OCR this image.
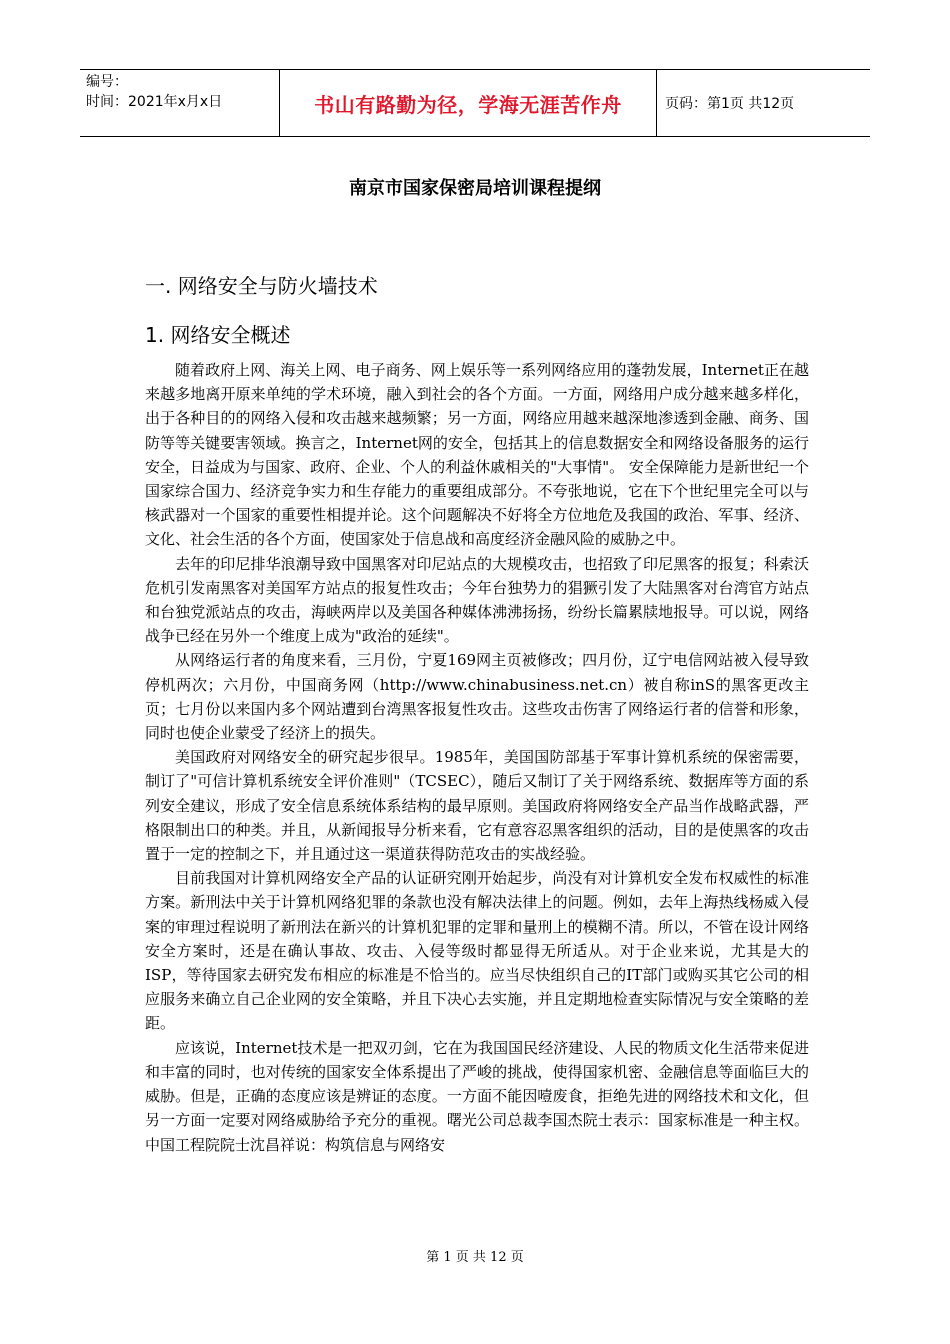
编号：
时间：2021年x月x日	书山有路勤为径，学海无涯苦作舟	页码：第1页 共12页
南京市国家保密局培训课程提纲
一. 网络安全与防火墙技术
1. 网络安全概述

随着政府上网、海关上网、电子商务、网上娱乐等一系列网络应用的蓬勃发展，Internet正在越来越多地离开原来单纯的学术环境，融入到社会的各个方面。一方面，网络用户成分越来越多样化，出于各种目的的网络入侵和攻击越来越频繁；另一方面，网络应用越来越深地渗透到金融、商务、国防等等关键要害领域。换言之，Internet网的安全，包括其上的信息数据安全和网络设备服务的运行安全，日益成为与国家、政府、企业、个人的利益休戚相关的"大事情"。 安全保障能力是新世纪一个国家综合国力、经济竞争实力和生存能力的重要组成部分。不夸张地说，它在下个世纪里完全可以与核武器对一个国家的重要性相提并论。这个问题解决不好将全方位地危及我国的政治、军事、经济、文化、社会生活的各个方面，使国家处于信息战和高度经济金融风险的威胁之中。

去年的印尼排华浪潮导致中国黑客对印尼站点的大规模攻击，也招致了印尼黑客的报复；科索沃危机引发南黑客对美国军方站点的报复性攻击；今年台独势力的猖獗引发了大陆黑客对台湾官方站点和台独党派站点的攻击，海峡两岸以及美国各种媒体沸沸扬扬，纷纷长篇累牍地报导。可以说，网络战争已经在另外一个维度上成为"政治的延续"。

从网络运行者的角度来看，三月份，宁夏169网主页被修改；四月份，辽宁电信网站被入侵导致停机两次；六月份，中国商务网（http://www.chinabusiness.net.cn）被自称inS的黑客更改主页；七月份以来国内多个网站遭到台湾黑客报复性攻击。这些攻击伤害了网络运行者的信誉和形象，同时也使企业蒙受了经济上的损失。

美国政府对网络安全的研究起步很早。1985年，美国国防部基于军事计算机系统的保密需要，制订了"可信计算机系统安全评价准则"（TCSEC），随后又制订了关于网络系统、数据库等方面的系列安全建议，形成了安全信息系统体系结构的最早原则。美国政府将网络安全产品当作战略武器，严格限制出口的种类。并且，从新闻报导分析来看，它有意容忍黑客组织的活动，目的是使黑客的攻击置于一定的控制之下，并且通过这一渠道获得防范攻击的实战经验。

目前我国对计算机网络安全产品的认证研究刚开始起步，尚没有对计算机安全发布权威性的标准方案。新刑法中关于计算机网络犯罪的条款也没有解决法律上的问题。例如，去年上海热线杨威入侵案的审理过程说明了新刑法在新兴的计算机犯罪的定罪和量刑上的模糊不清。所以，不管在设计网络安全方案时，还是在确认事故、攻击、入侵等级时都显得无所适从。对于企业来说，尤其是大的ISP，等待国家去研究发布相应的标准是不恰当的。应当尽快组织自己的IT部门或购买其它公司的相应服务来确立自己企业网的安全策略，并且下决心去实施，并且定期地检查实际情况与安全策略的差距。

应该说，Internet技术是一把双刃剑，它在为我国国民经济建设、人民的物质文化生活带来促进和丰富的同时，也对传统的国家安全体系提出了严峻的挑战，使得国家机密、金融信息等面临巨大的威胁。但是，正确的态度应该是辨证的态度。一方面不能因噎废食，拒绝先进的网络技术和文化，但另一方面一定要对网络威胁给予充分的重视。曙光公司总裁李国杰院士表示：国家标准是一种主权。中国工程院院士沈昌祥说：构筑信息与网络安

第 1 页 共 12 页
